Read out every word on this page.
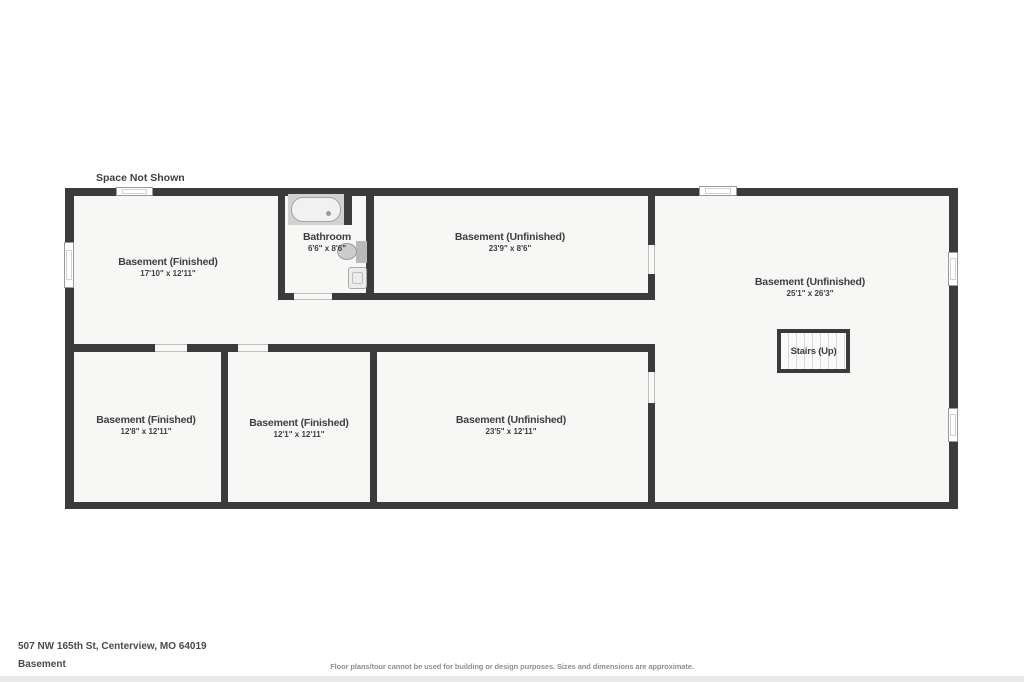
Space Not Shown
Stairs (Up)
Basement (Finished)
17'10" x 12'11"
Bathroom
6'6" x 8'6"
Basement (Unfinished)
23'9" x 8'6"
Basement (Unfinished)
25'1" x 26'3"
Basement (Finished)
12'8" x 12'11"
Basement (Finished)
12'1" x 12'11"
Basement (Unfinished)
23'5" x 12'11"
507 NW 165th St, Centerview, MO 64019
Basement	Floor plans/tour cannot be used for building or design purposes. Sizes and dimensions are approximate.
